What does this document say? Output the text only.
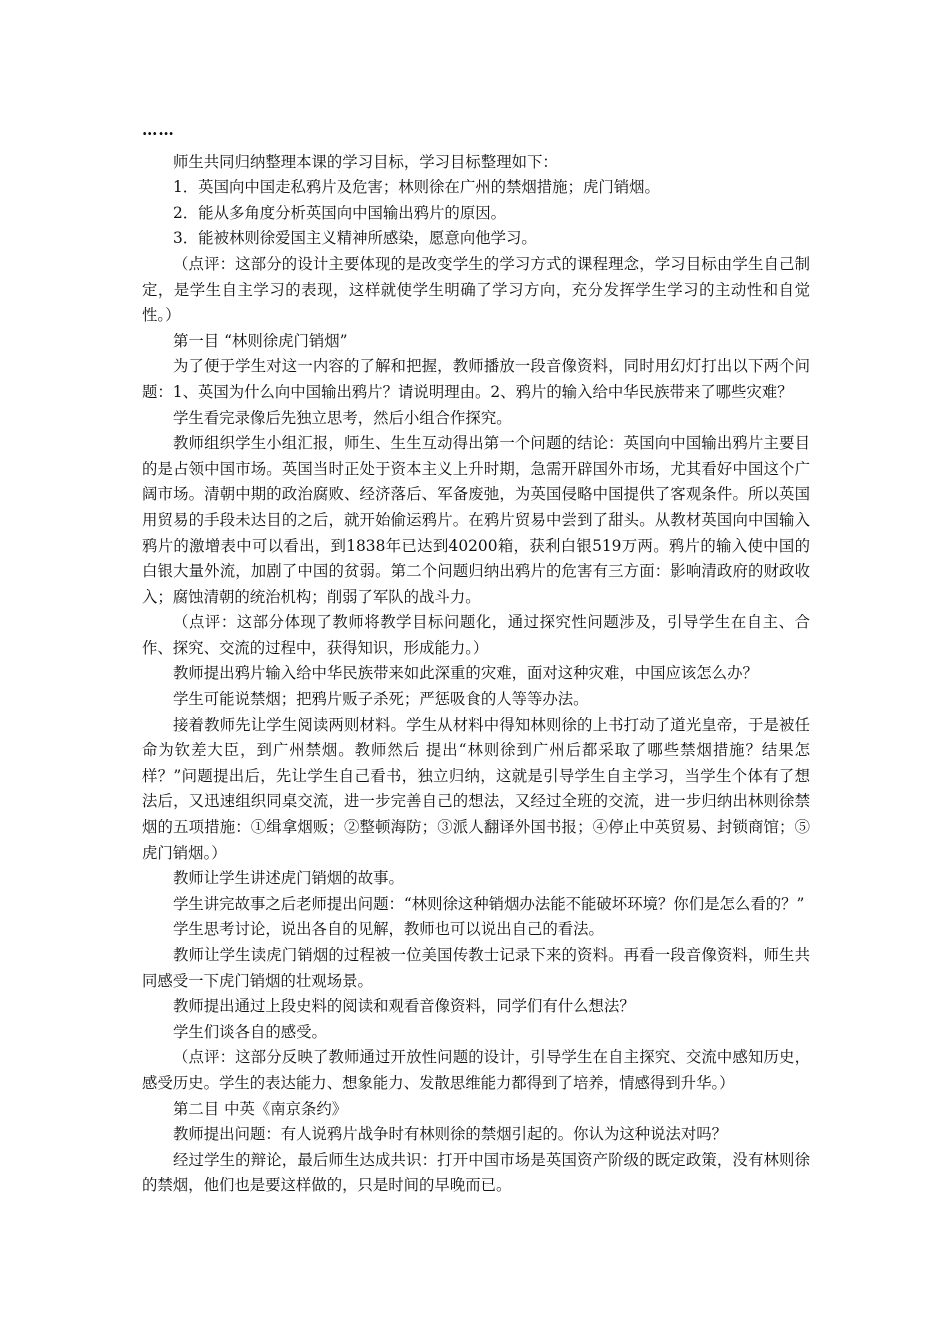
……

师生共同归纳整理本课的学习目标，学习目标整理如下：

1．英国向中国走私鸦片及危害；林则徐在广州的禁烟措施；虎门销烟。

2．能从多角度分析英国向中国输出鸦片的原因。

3．能被林则徐爱国主义精神所感染，愿意向他学习。

（点评：这部分的设计主要体现的是改变学生的学习方式的课程理念，学习目标由学生自己制定，是学生自主学习的表现，这样就使学生明确了学习方向，充分发挥学生学习的主动性和自觉性。）

第一目 “林则徐虎门销烟”

为了便于学生对这一内容的了解和把握，教师播放一段音像资料，同时用幻灯打出以下两个问题：1、英国为什么向中国输出鸦片？请说明理由。2、鸦片的输入给中华民族带来了哪些灾难？

学生看完录像后先独立思考，然后小组合作探究。

教师组织学生小组汇报，师生、生生互动得出第一个问题的结论：英国向中国输出鸦片主要目的是占领中国市场。英国当时正处于资本主义上升时期，急需开辟国外市场，尤其看好中国这个广阔市场。清朝中期的政治腐败、经济落后、军备废弛，为英国侵略中国提供了客观条件。所以英国用贸易的手段未达目的之后，就开始偷运鸦片。在鸦片贸易中尝到了甜头。从教材英国向中国输入鸦片的激增表中可以看出，到1838年已达到40200箱，获利白银519万两。鸦片的输入使中国的白银大量外流，加剧了中国的贫弱。第二个问题归纳出鸦片的危害有三方面：影响清政府的财政收入；腐蚀清朝的统治机构；削弱了军队的战斗力。

（点评：这部分体现了教师将教学目标问题化，通过探究性问题涉及，引导学生在自主、合作、探究、交流的过程中，获得知识，形成能力。）

教师提出鸦片输入给中华民族带来如此深重的灾难，面对这种灾难，中国应该怎么办？

学生可能说禁烟；把鸦片贩子杀死；严惩吸食的人等等办法。

接着教师先让学生阅读两则材料。学生从材料中得知林则徐的上书打动了道光皇帝，于是被任命为钦差大臣，到广州禁烟。教师然后 提出“林则徐到广州后都采取了哪些禁烟措施？结果怎样？”问题提出后，先让学生自己看书，独立归纳，这就是引导学生自主学习，当学生个体有了想法后，又迅速组织同桌交流，进一步完善自己的想法，又经过全班的交流，进一步归纳出林则徐禁烟的五项措施：①缉拿烟贩；②整顿海防；③派人翻译外国书报；④停止中英贸易、封锁商馆；⑤虎门销烟。）

教师让学生讲述虎门销烟的故事。

学生讲完故事之后老师提出问题：“林则徐这种销烟办法能不能破坏环境？你们是怎么看的？”

学生思考讨论，说出各自的见解，教师也可以说出自己的看法。

教师让学生读虎门销烟的过程被一位美国传教士记录下来的资料。再看一段音像资料，师生共同感受一下虎门销烟的壮观场景。

教师提出通过上段史料的阅读和观看音像资料，同学们有什么想法？

学生们谈各自的感受。

（点评：这部分反映了教师通过开放性问题的设计，引导学生在自主探究、交流中感知历史，感受历史。学生的表达能力、想象能力、发散思维能力都得到了培养，情感得到升华。）

第二目 中英《南京条约》

教师提出问题：有人说鸦片战争时有林则徐的禁烟引起的。你认为这种说法对吗？

经过学生的辩论，最后师生达成共识：打开中国市场是英国资产阶级的既定政策，没有林则徐的禁烟，他们也是要这样做的，只是时间的早晚而已。
